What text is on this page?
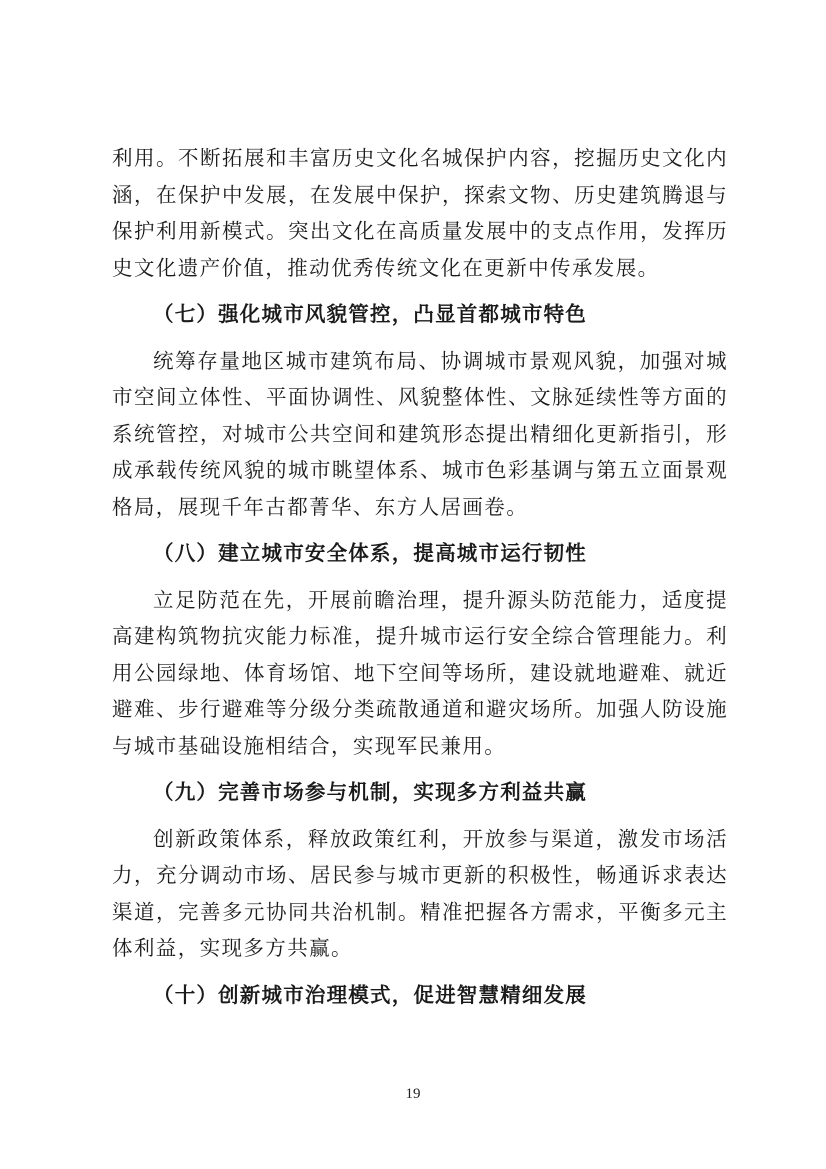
利用。不断拓展和丰富历史文化名城保护内容，挖掘历史文化内涵，在保护中发展，在发展中保护，探索文物、历史建筑腾退与保护利用新模式。突出文化在高质量发展中的支点作用，发挥历史文化遗产价值，推动优秀传统文化在更新中传承发展。

（七）强化城市风貌管控，凸显首都城市特色

统筹存量地区城市建筑布局、协调城市景观风貌，加强对城市空间立体性、平面协调性、风貌整体性、文脉延续性等方面的系统管控，对城市公共空间和建筑形态提出精细化更新指引，形成承载传统风貌的城市眺望体系、城市色彩基调与第五立面景观格局，展现千年古都菁华、东方人居画卷。

（八）建立城市安全体系，提高城市运行韧性

立足防范在先，开展前瞻治理，提升源头防范能力，适度提高建构筑物抗灾能力标准，提升城市运行安全综合管理能力。利用公园绿地、体育场馆、地下空间等场所，建设就地避难、就近避难、步行避难等分级分类疏散通道和避灾场所。加强人防设施与城市基础设施相结合，实现军民兼用。

（九）完善市场参与机制，实现多方利益共赢

创新政策体系，释放政策红利，开放参与渠道，激发市场活力，充分调动市场、居民参与城市更新的积极性，畅通诉求表达渠道，完善多元协同共治机制。精准把握各方需求，平衡多元主体利益，实现多方共赢。

（十）创新城市治理模式，促进智慧精细发展
19
